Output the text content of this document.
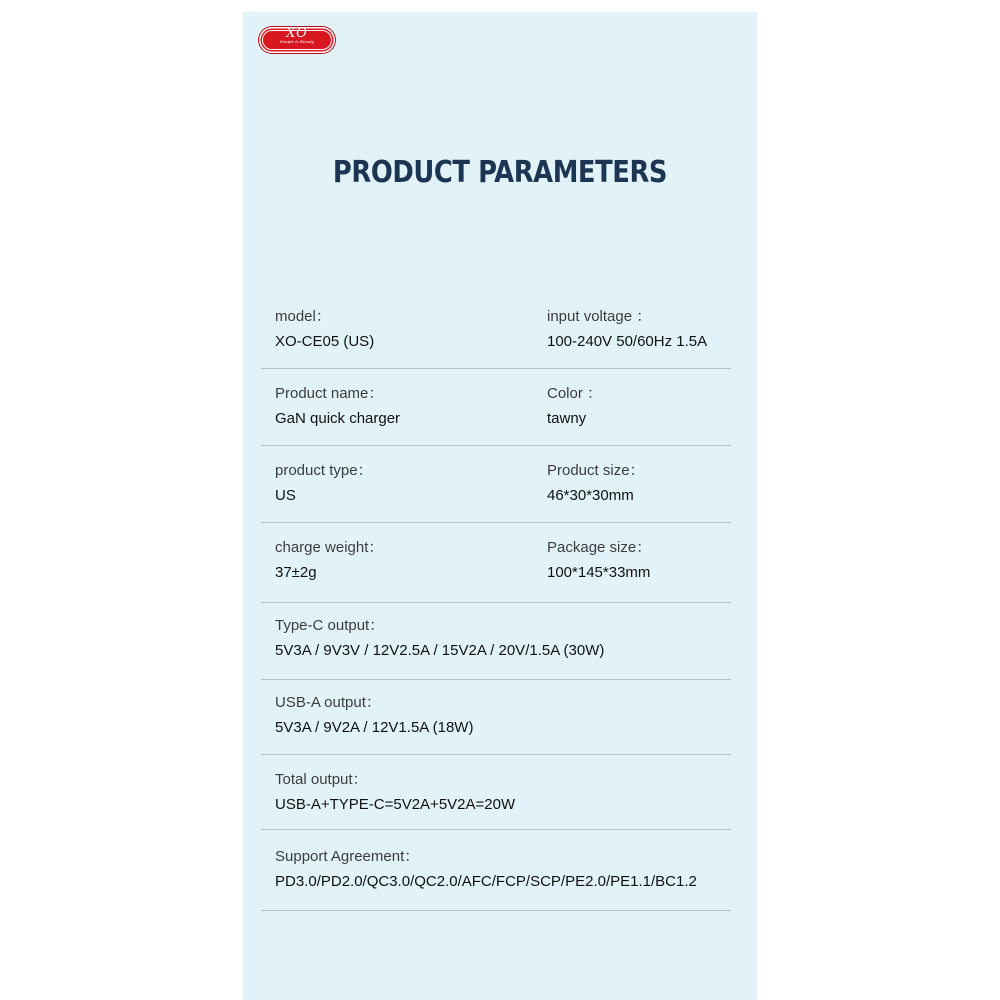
XO
Simple Is Beauty
PRODUCT PARAMETERS
model：
XO-CE05 (US)
input voltage ：
100-240V 50/60Hz 1.5A
Product name：
GaN quick charger
Color ：
tawny
product type：
US
Product size：
46*30*30mm
charge weight：
37±2g
Package size：
100*145*33mm
Type-C output：
5V3A / 9V3V / 12V2.5A / 15V2A / 20V/1.5A (30W)
USB-A output：
5V3A / 9V2A / 12V1.5A (18W)
Total output：
USB-A+TYPE-C=5V2A+5V2A=20W
Support Agreement：
PD3.0/PD2.0/QC3.0/QC2.0/AFC/FCP/SCP/PE2.0/PE1.1/BC1.2
